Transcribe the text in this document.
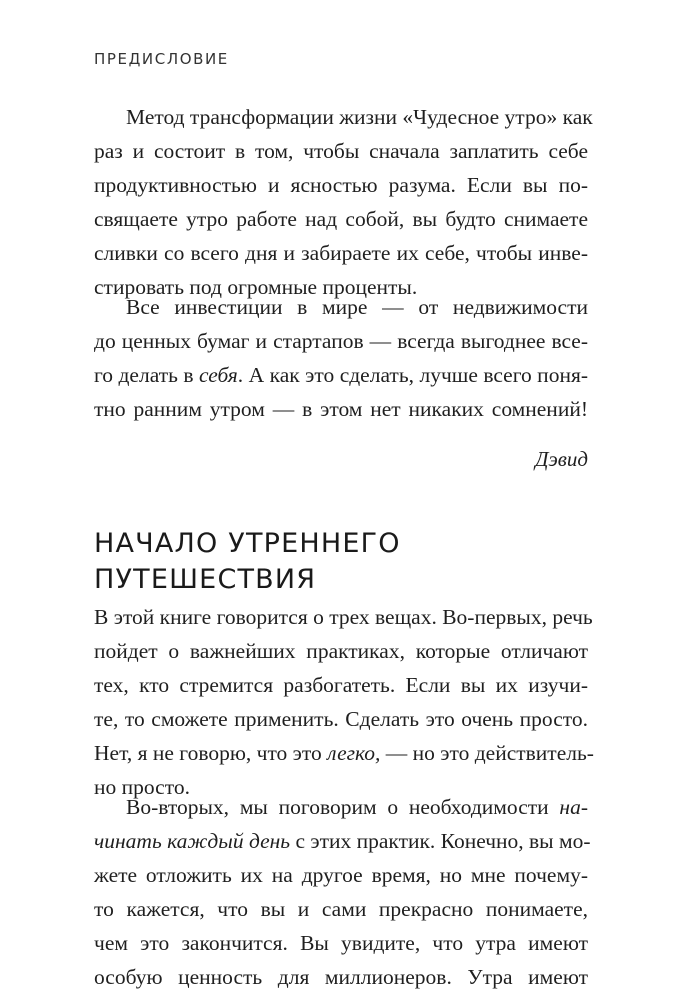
ПРЕДИСЛОВИЕ
Метод трансформации жизни «Чудесное утро» как
раз и состоит в том, чтобы сначала заплатить себе
продуктивностью и ясностью разума. Если вы по-
свящаете утро работе над собой, вы будто снимаете
сливки со всего дня и забираете их себе, чтобы инве-
стировать под огромные проценты.
Все инвестиции в мире — от недвижимости
до ценных бумаг и стартапов — всегда выгоднее все-
го делать в себя. А как это сделать, лучше всего поня-
тно ранним утром — в этом нет никаких сомнений!
Дэвид
НАЧАЛО УТРЕННЕГО
ПУТЕШЕСТВИЯ
В этой книге говорится о трех вещах. Во-первых, речь
пойдет о важнейших практиках, которые отличают
тех, кто стремится разбогатеть. Если вы их изучи-
те, то сможете применить. Сделать это очень просто.
Нет, я не говорю, что это легко, — но это действитель-
но просто.
Во-вторых, мы поговорим о необходимости на-
чинать каждый день с этих практик. Конечно, вы мо-
жете отложить их на другое время, но мне почему-
то кажется, что вы и сами прекрасно понимаете,
чем это закончится. Вы увидите, что утра имеют
особую ценность для миллионеров. Утра имеют
